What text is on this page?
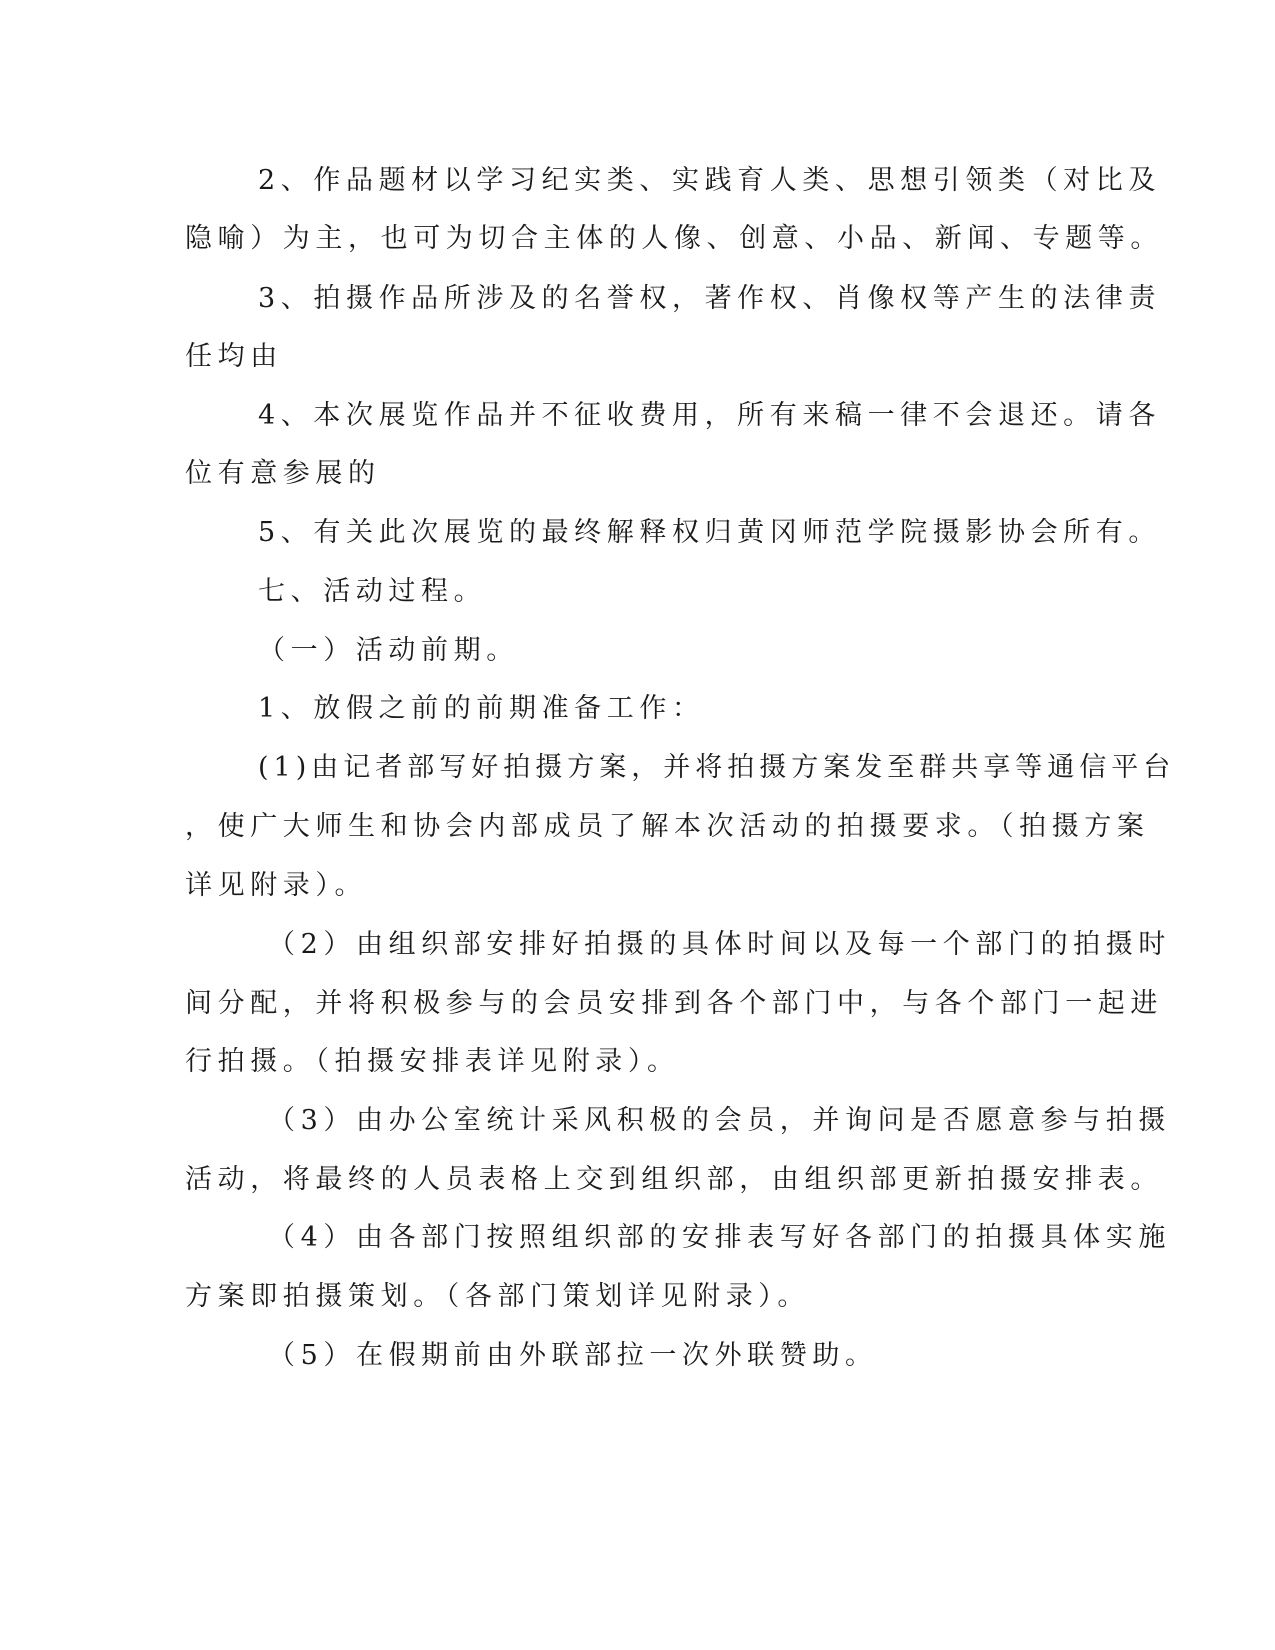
2、作品题材以学习纪实类、实践育人类、思想引领类（对比及
隐喻）为主，也可为切合主体的人像、创意、小品、新闻、专题等。
3、拍摄作品所涉及的名誉权，著作权、肖像权等产生的法律责
任均由
4、本次展览作品并不征收费用，所有来稿一律不会退还。请各
位有意参展的
5、有关此次展览的最终解释权归黄冈师范学院摄影协会所有。
七、活动过程。
（一）活动前期。
1、放假之前的前期准备工作：
(1)由记者部写好拍摄方案，并将拍摄方案发至群共享等通信平台
，使广大师生和协会内部成员了解本次活动的拍摄要求。（拍摄方案
详见附录）。
（2）由组织部安排好拍摄的具体时间以及每一个部门的拍摄时
间分配，并将积极参与的会员安排到各个部门中，与各个部门一起进
行拍摄。（拍摄安排表详见附录）。
（3）由办公室统计采风积极的会员，并询问是否愿意参与拍摄
活动，将最终的人员表格上交到组织部，由组织部更新拍摄安排表。
（4）由各部门按照组织部的安排表写好各部门的拍摄具体实施
方案即拍摄策划。（各部门策划详见附录）。
（5）在假期前由外联部拉一次外联赞助。
